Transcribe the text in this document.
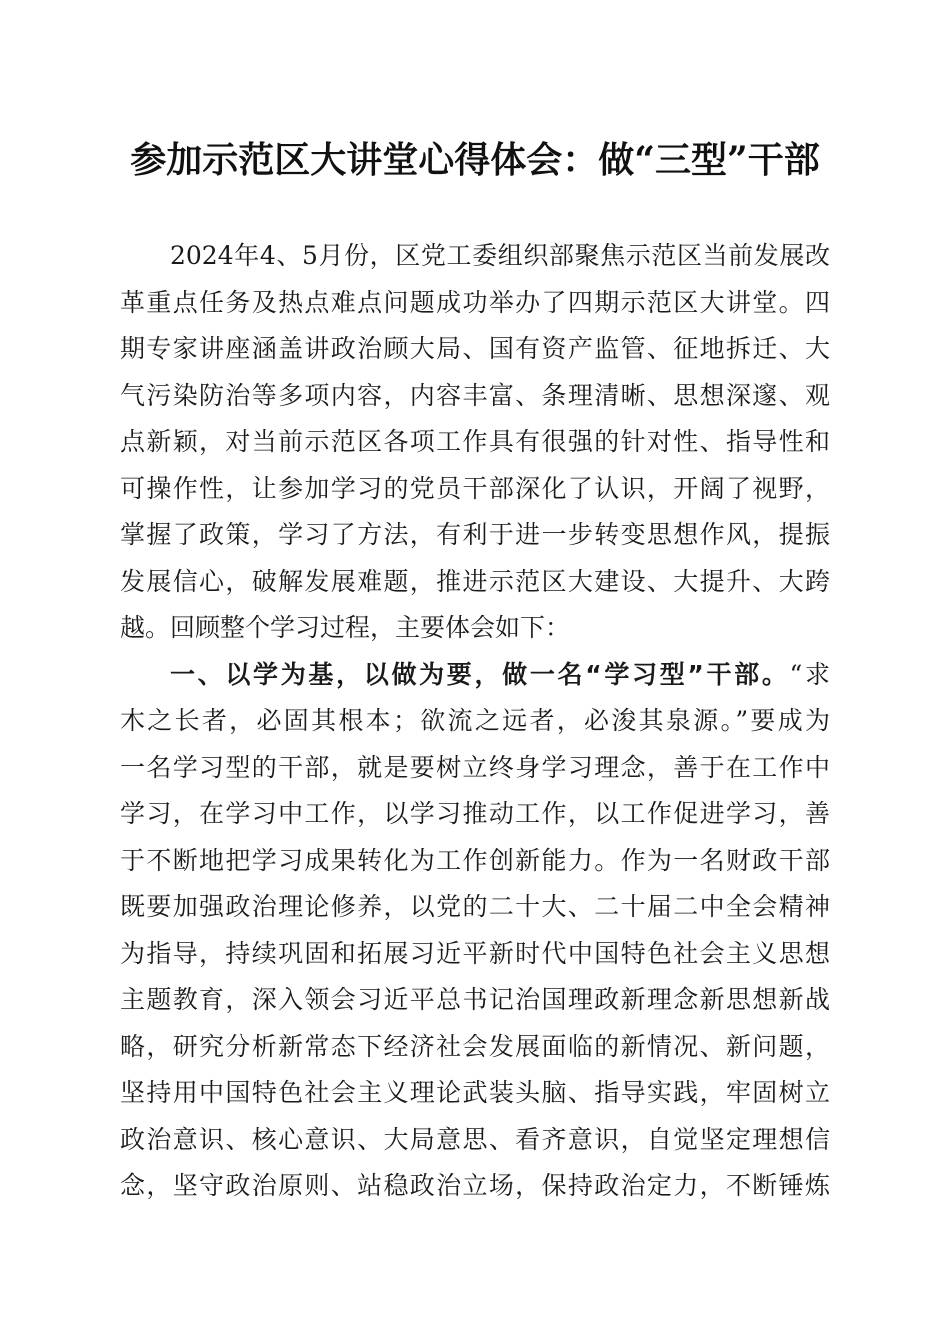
参加示范区大讲堂心得体会：做“三型”干部
2024年4、5月份，区党工委组织部聚焦示范区当前发展改
革重点任务及热点难点问题成功举办了四期示范区大讲堂。四
期专家讲座涵盖讲政治顾大局、国有资产监管、征地拆迁、大
气污染防治等多项内容，内容丰富、条理清晰、思想深邃、观
点新颖，对当前示范区各项工作具有很强的针对性、指导性和
可操作性，让参加学习的党员干部深化了认识，开阔了视野，
掌握了政策，学习了方法，有利于进一步转变思想作风，提振
发展信心，破解发展难题，推进示范区大建设、大提升、大跨
越。回顾整个学习过程，主要体会如下：
一、以学为基，以做为要，做一名“学习型”干部。“求
木之长者，必固其根本；欲流之远者，必浚其泉源。”要成为
一名学习型的干部，就是要树立终身学习理念，善于在工作中
学习，在学习中工作，以学习推动工作，以工作促进学习，善
于不断地把学习成果转化为工作创新能力。作为一名财政干部
既要加强政治理论修养，以党的二十大、二十届二中全会精神
为指导，持续巩固和拓展习近平新时代中国特色社会主义思想
主题教育，深入领会习近平总书记治国理政新理念新思想新战
略，研究分析新常态下经济社会发展面临的新情况、新问题，
坚持用中国特色社会主义理论武装头脑、指导实践，牢固树立
政治意识、核心意识、大局意思、看齐意识，自觉坚定理想信
念，坚守政治原则、站稳政治立场，保持政治定力，不断锤炼
